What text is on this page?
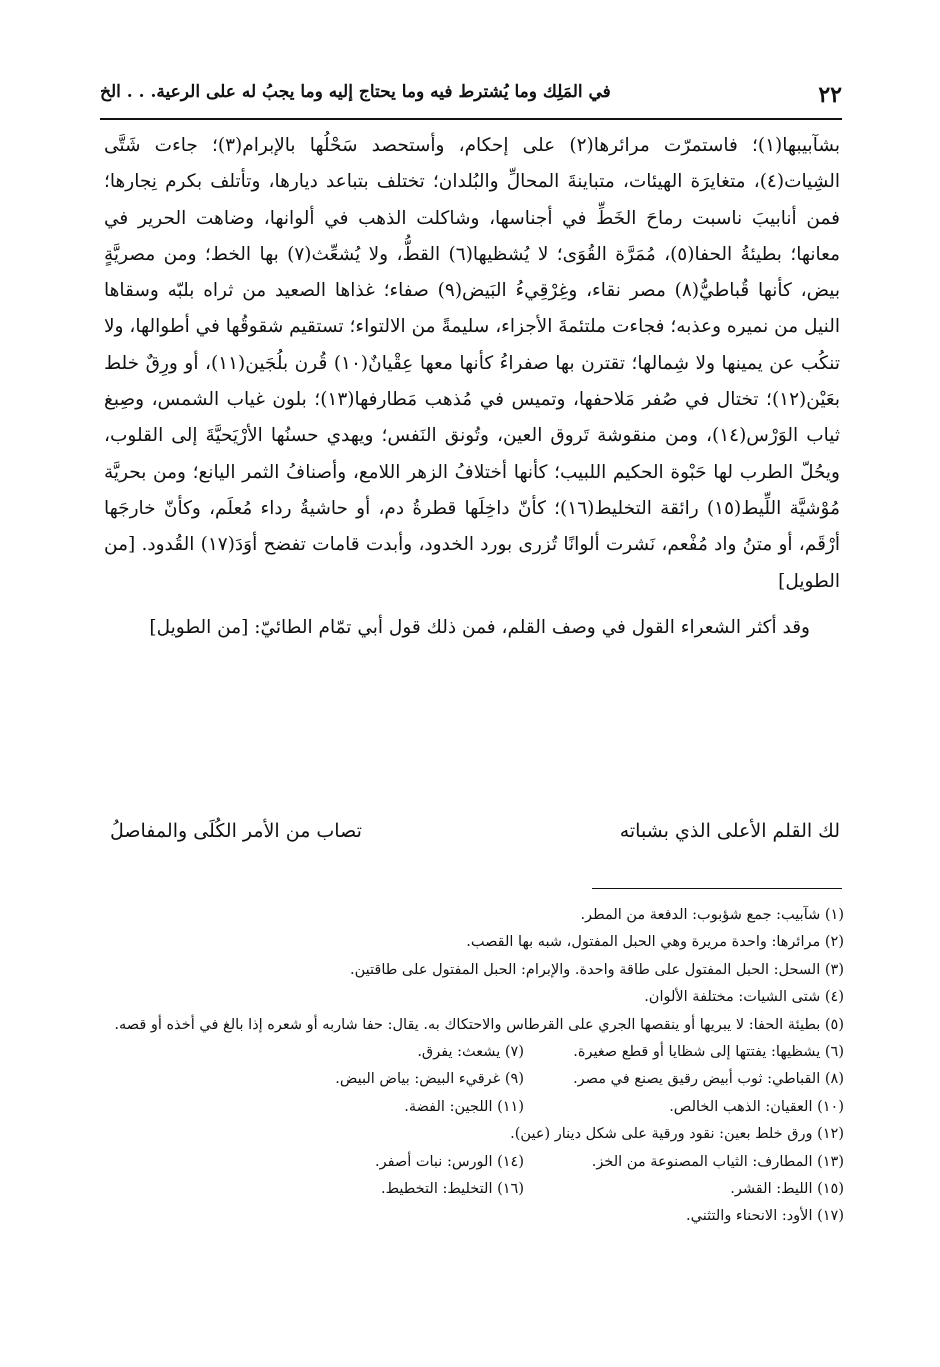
٢٢
في المَلِك وما يُشترط فيه وما يحتاج إليه وما يجبُ له على الرعية. . . الخ

بشآبيبها(١)؛ فاستمرّت مرائرها(٢) على إحكام، وأستحصد سَحْلُها بالإبرام(٣)؛ جاءت شَتَّى الشِيات(٤)، متغايرَة الهيئات، متباينةَ المحالِّ والبُلدان؛ تختلف بتباعد ديارها، وتأتلف بكرم نِجارها؛ فمن أنابيبَ ناسبت رماحَ الخَطِّ في أجناسها، وشاكلت الذهب في ألوانها، وضاهت الحرير في معانها؛ بطيئةُ الحفا(٥)، مُمَرَّة القُوَى؛ لا يُشظيها(٦) القطُّ، ولا يُشعِّث(٧) بها الخط؛ ومن مصريَّةٍ بيض، كأنها قُباطيُّ(٨) مصر نقاء، وغِرْقِيءُ البَيض(٩) صفاء؛ غذاها الصعيد من ثراه بلبّه وسقاها النيل من نميره وعذبه؛ فجاءت ملتئمةَ الأجزاء، سليمةً من الالتواء؛ تستقيم شقوقُها في أطوالها، ولا تنكُب عن يمينها ولا شِمالها؛ تقترن بها صفراءُ كأنها معها عِقْيانٌ(١٠) قُرن بلُجَين(١١)، أو ورِقٌ خلط بعَيْن(١٢)؛ تختال في صُفر مَلاحفها، وتميس في مُذهب مَطارفها(١٣)؛ بلون غياب الشمس، وصِبغ ثياب الوَرْس(١٤)، ومن منقوشة تَروق العين، وتُونق النَفس؛ ويهدي حسنُها الأرْيَحيَّةَ إلى القلوب، ويحُلّ الطرب لها حَبْوة الحكيم اللبيب؛ كأنها أختلافُ الزهر اللامع، وأصنافُ الثمر اليانع؛ ومن بحريَّة مُوْشيَّة اللِّيط(١٥) رائقة التخليط(١٦)؛ كأنّ داخِلَها قطرةُ دم، أو حاشيةُ رداء مُعلَم، وكأنّ خارجَها أرْقَم، أو متنُ واد مُفْعم، نَشرت ألوانًا تُزرى بورد الخدود، وأبدت قامات تفضح أوَدَ(١٧) القُدود. [من الطويل]

وقد أكثر الشعراء القول في وصف القلم، فمن ذلك قول أبي تمّام الطائيّ: [من الطويل]

لك القلم الأعلى الذي بشباته
تصاب من الأمر الكُلَى والمفاصلُ
(١) شآبيب: جمع شؤبوب: الدفعة من المطر.
(٢) مرائرها: واحدة مريرة وهي الحبل المفتول، شبه بها القصب.
(٣) السحل: الحبل المفتول على طاقة واحدة. والإبرام: الحبل المفتول على طاقتين.
(٤) شتى الشيات: مختلفة الألوان.
(٥) بطيئة الحفا: لا يبريها أو ينقصها الجري على القرطاس والاحتكاك به. يقال: حفا شاربه أو شعره إذا بالغ في أخذه أو قصه.
(٦) يشظيها: يفتتها إلى شظايا أو قطع صغيرة.
(٧) يشعث: يفرق.
(٨) القباطي: ثوب أبيض رقيق يصنع في مصر.
(٩) غرقيء البيض: بياض البيض.
(١٠) العقيان: الذهب الخالص.
(١١) اللجين: الفضة.
(١٢) ورق خلط بعين: نقود ورقية على شكل دينار (عين).
(١٣) المطارف: الثياب المصنوعة من الخز.
(١٤) الورس: نبات أصفر.
(١٥) الليط: القشر.
(١٦) التخليط: التخطيط.
(١٧) الأود: الانحناء والتثني.
